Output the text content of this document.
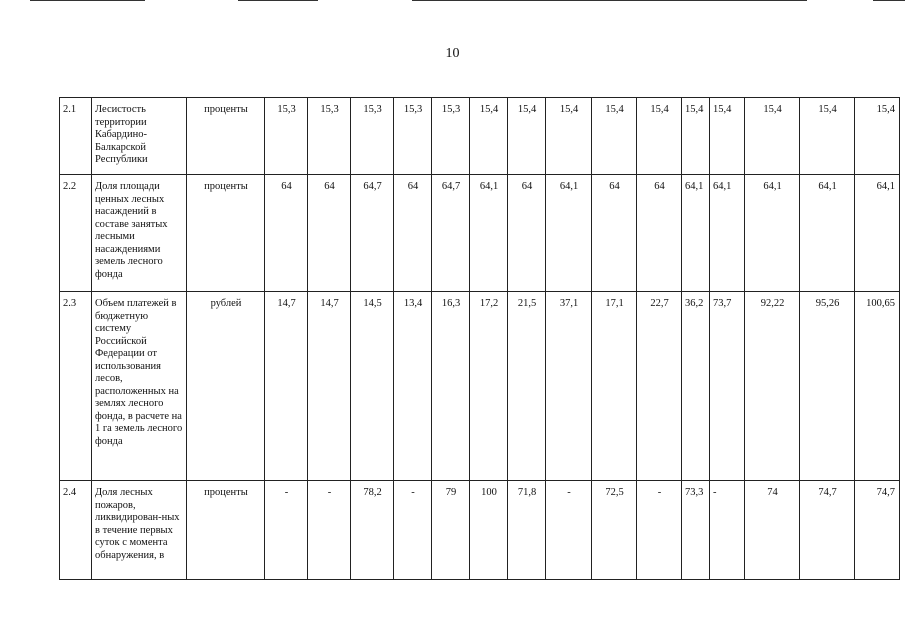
10
2.1	Лесистость территории Кабардино-Балкарской Республики	проценты	15,3	15,3	15,3	15,3	15,3	15,4	15,4	15,4	15,4	15,4	15,4	15,4	15,4	15,4	15,4
2.2	Доля площади ценных лесных насаждений в составе занятых лесными насаждениями земель лесного фонда	проценты	64	64	64,7	64	64,7	64,1	64	64,1	64	64	64,1	64,1	64,1	64,1	64,1
2.3	Объем платежей в бюджетную систему Российской Федерации от использования лесов, расположенных на землях лесного фонда, в расчете на 1 га земель лесного фонда	рублей	14,7	14,7	14,5	13,4	16,3	17,2	21,5	37,1	17,1	22,7	36,2	73,7	92,22	95,26	100,65
2.4	Доля лесных пожаров, ликвидирован-ных в течение первых суток с момента обнаружения, в	проценты	-	-	78,2	-	79	100	71,8	-	72,5	-	73,3	-	74	74,7	74,7
